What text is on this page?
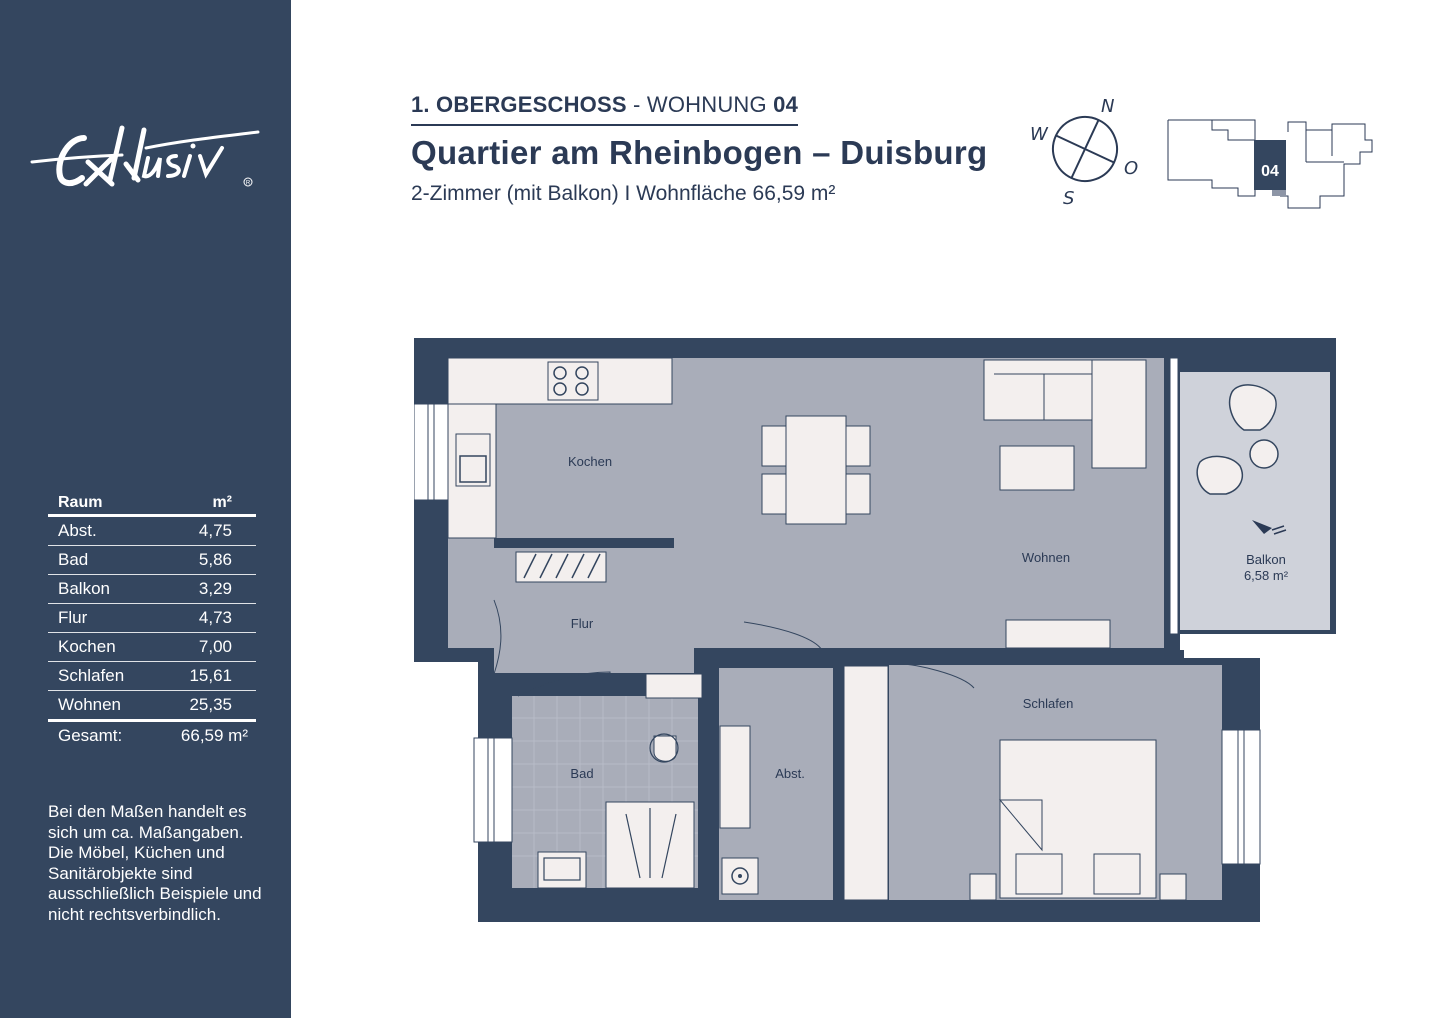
R
Raum	m²
Abst.	4,75
Bad	5,86
Balkon	3,29
Flur	4,73
Kochen	7,00
Schlafen	15,61
Wohnen	25,35
Gesamt:	66,59 m²
Bei den Maßen handelt es sich um ca. Maßangaben. Die Möbel, Küchen und Sanitärobjekte sind ausschließlich Beispiele und nicht rechtsverbindlich.
1. OBERGESCHOSS - WOHNUNG 04
Quartier am Rheinbogen – Duisburg
2-Zimmer (mit Balkon) I Wohnfläche 66,59 m²
N
O
S
W
04
Kochen
Wohnen
Flur
Bad	Abst.
Schlafen
Balkon
6,58 m²
